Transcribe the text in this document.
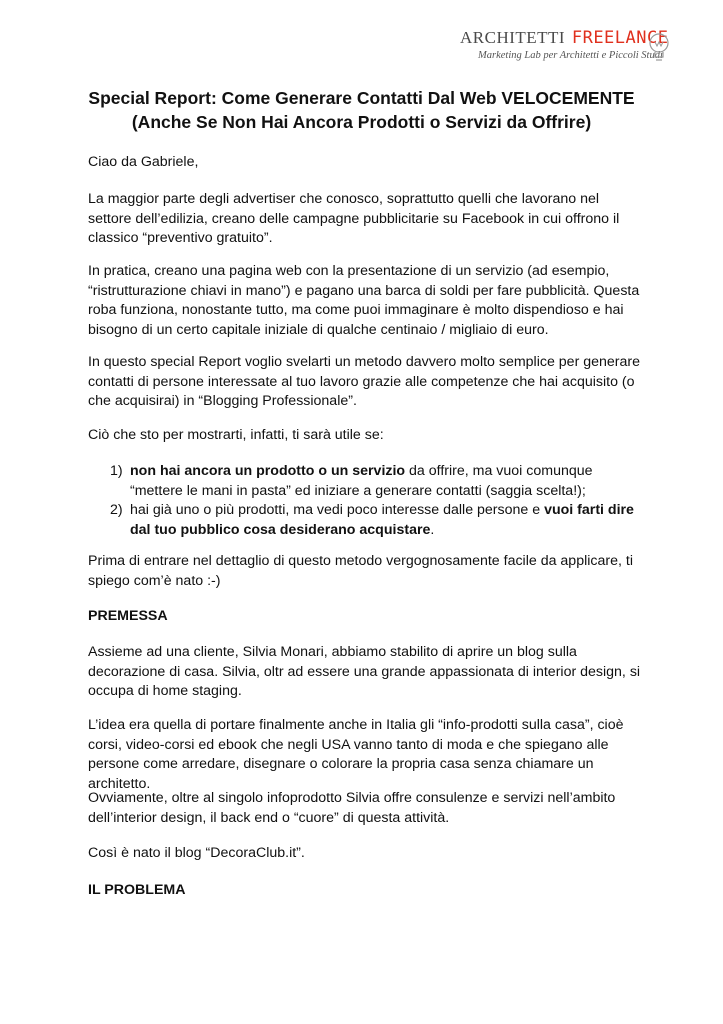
ARCHITETTI FREELANCE
Marketing Lab per Architetti e Piccoli Studi
Special Report: Come Generare Contatti Dal Web VELOCEMENTE
(Anche Se Non Hai Ancora Prodotti o Servizi da Offrire)

Ciao da Gabriele,

La maggior parte degli advertiser che conosco, soprattutto quelli che lavorano nel settore dell’edilizia, creano delle campagne pubblicitarie su Facebook in cui offrono il classico “preventivo gratuito”.

In pratica, creano una pagina web con la presentazione di un servizio (ad esempio, “ristrutturazione chiavi in mano”) e pagano una barca di soldi per fare pubblicità. Questa roba funziona, nonostante tutto, ma come puoi immaginare è molto dispendioso e hai bisogno di un certo capitale iniziale di qualche centinaio / migliaio di euro.

In questo special Report voglio svelarti un metodo davvero molto semplice per generare contatti di persone interessate al tuo lavoro grazie alle competenze che hai acquisito (o che acquisirai) in “Blogging Professionale”.

Ciò che sto per mostrarti, infatti, ti sarà utile se:

1) non hai ancora un prodotto o un servizio da offrire, ma vuoi comunque “mettere le mani in pasta” ed iniziare a generare contatti (saggia scelta!);
2) hai già uno o più prodotti, ma vedi poco interesse dalle persone e vuoi farti dire dal tuo pubblico cosa desiderano acquistare.

Prima di entrare nel dettaglio di questo metodo vergognosamente facile da applicare, ti spiego com’è nato :-)

PREMESSA

Assieme ad una cliente, Silvia Monari, abbiamo stabilito di aprire un blog sulla decorazione di casa. Silvia, oltr ad essere una grande appassionata di interior design, si occupa di home staging.

L’idea era quella di portare finalmente anche in Italia gli “info-prodotti sulla casa”, cioè corsi, video-corsi ed ebook che negli USA vanno tanto di moda e che spiegano alle persone come arredare, disegnare o colorare la propria casa senza chiamare un architetto.

Ovviamente, oltre al singolo infoprodotto Silvia offre consulenze e servizi nell’ambito dell’interior design, il back end o “cuore” di questa attività.

Così è nato il blog “DecoraClub.it”.

IL PROBLEMA
